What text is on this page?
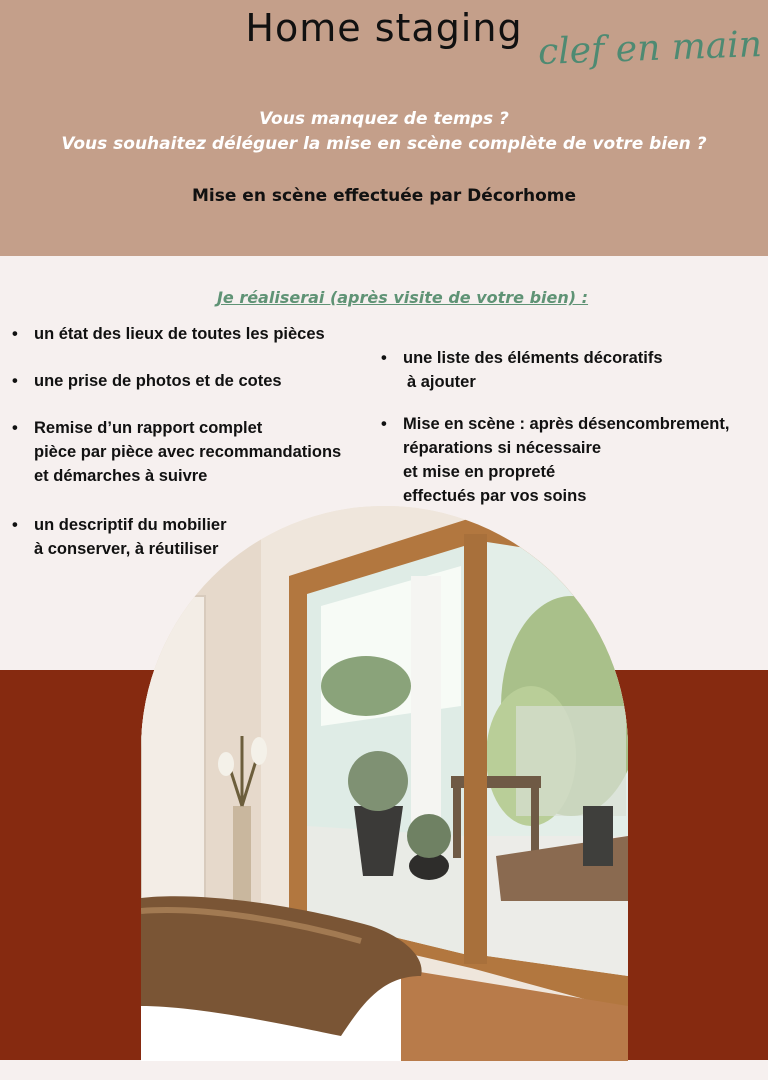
Home staging clef en main
Vous manquez de temps ?
Vous souhaitez déléguer la mise en scène complète de votre bien ?
Mise en scène effectuée par Décorhome
Je réaliserai (après visite de votre bien) :
• un état des lieux de toutes les pièces
• une prise de photos et de cotes
• Remise d’un rapport complet
pièce par pièce avec recommandations
et démarches à suivre
• un descriptif du mobilier
à conserver, à réutiliser
• une liste des éléments décoratifs
à ajouter
• Mise en scène : après désencombrement,
réparations si nécessaire
et mise en propreté
effectués par vos soins
